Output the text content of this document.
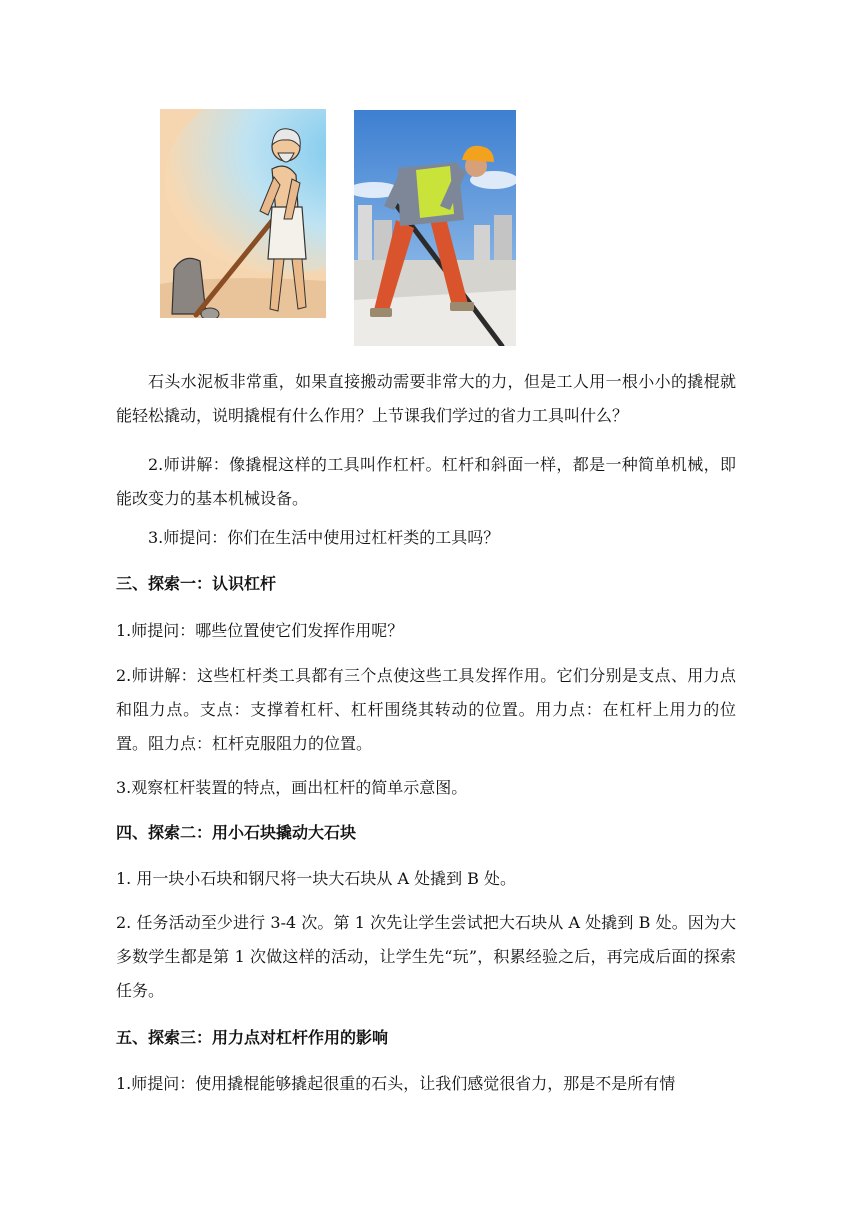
石头水泥板非常重，如果直接搬动需要非常大的力，但是工人用一根小小的撬棍就能轻松撬动，说明撬棍有什么作用？上节课我们学过的省力工具叫什么？

2.师讲解：像撬棍这样的工具叫作杠杆。杠杆和斜面一样，都是一种简单机械，即能改变力的基本机械设备。

3.师提问：你们在生活中使用过杠杆类的工具吗？

三、探索一：认识杠杆

1.师提问：哪些位置使它们发挥作用呢？

2.师讲解：这些杠杆类工具都有三个点使这些工具发挥作用。它们分别是支点、用力点和阻力点。支点：支撑着杠杆、杠杆围绕其转动的位置。用力点：在杠杆上用力的位置。阻力点：杠杆克服阻力的位置。

3.观察杠杆装置的特点，画出杠杆的简单示意图。

四、探索二：用小石块撬动大石块

1. 用一块小石块和钢尺将一块大石块从 A 处撬到 B 处。

2. 任务活动至少进行 3-4 次。第 1 次先让学生尝试把大石块从 A 处撬到 B 处。因为大多数学生都是第 1 次做这样的活动，让学生先“玩”，积累经验之后，再完成后面的探索任务。

五、探索三：用力点对杠杆作用的影响

1.师提问：使用撬棍能够撬起很重的石头，让我们感觉很省力，那是不是所有情
